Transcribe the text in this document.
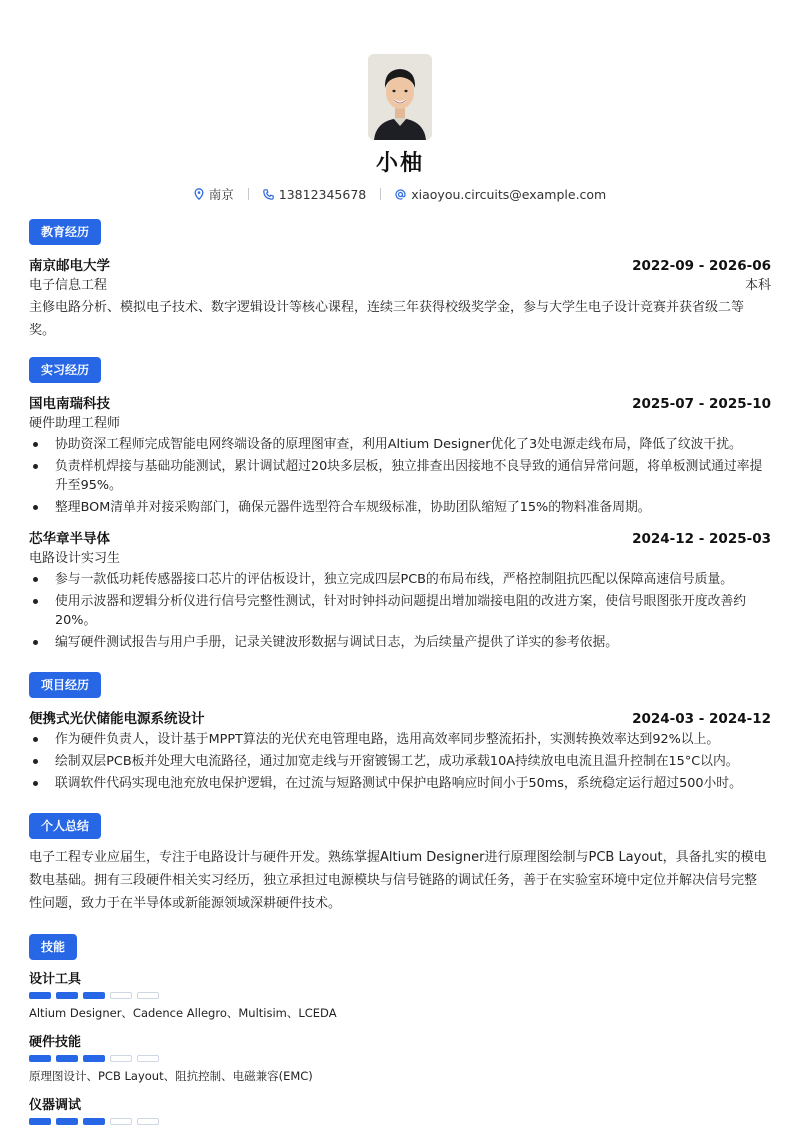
小柚
南京	13812345678	xiaoyou.circuits@example.com
教育经历
南京邮电大学	2022-09 - 2026-06
电子信息工程	本科
主修电路分析、模拟电子技术、数字逻辑设计等核心课程，连续三年获得校级奖学金，参与大学生电子设计竞赛并获省级二等
奖。
实习经历
国电南瑞科技	2025-07 - 2025-10
硬件助理工程师
协助资深工程师完成智能电网终端设备的原理图审查，利用Altium Designer优化了3处电源走线布局，降低了纹波干扰。
负责样机焊接与基础功能测试，累计调试超过20块多层板，独立排查出因接地不良导致的通信异常问题，将单板测试通过率提升至95%。
整理BOM清单并对接采购部门，确保元器件选型符合车规级标准，协助团队缩短了15%的物料准备周期。
芯华章半导体	2024-12 - 2025-03
电路设计实习生
参与一款低功耗传感器接口芯片的评估板设计，独立完成四层PCB的布局布线，严格控制阻抗匹配以保障高速信号质量。
使用示波器和逻辑分析仪进行信号完整性测试，针对时钟抖动问题提出增加端接电阻的改进方案，使信号眼图张开度改善约20%。
编写硬件测试报告与用户手册，记录关键波形数据与调试日志，为后续量产提供了详实的参考依据。
项目经历
便携式光伏储能电源系统设计	2024-03 - 2024-12
作为硬件负责人，设计基于MPPT算法的光伏充电管理电路，选用高效率同步整流拓扑，实测转换效率达到92%以上。
绘制双层PCB板并处理大电流路径，通过加宽走线与开窗镀锡工艺，成功承载10A持续放电电流且温升控制在15°C以内。
联调软件代码实现电池充放电保护逻辑，在过流与短路测试中保护电路响应时间小于50ms，系统稳定运行超过500小时。
个人总结
电子工程专业应届生，专注于电路设计与硬件开发。熟练掌握Altium Designer进行原理图绘制与PCB Layout，具备扎实的模电
数电基础。拥有三段硬件相关实习经历，独立承担过电源模块与信号链路的调试任务，善于在实验室环境中定位并解决信号完整
性问题，致力于在半导体或新能源领域深耕硬件技术。
技能
设计工具
Altium Designer、Cadence Allegro、Multisim、LCEDA
硬件技能
原理图设计、PCB Layout、阻抗控制、电磁兼容(EMC)
仪器调试
